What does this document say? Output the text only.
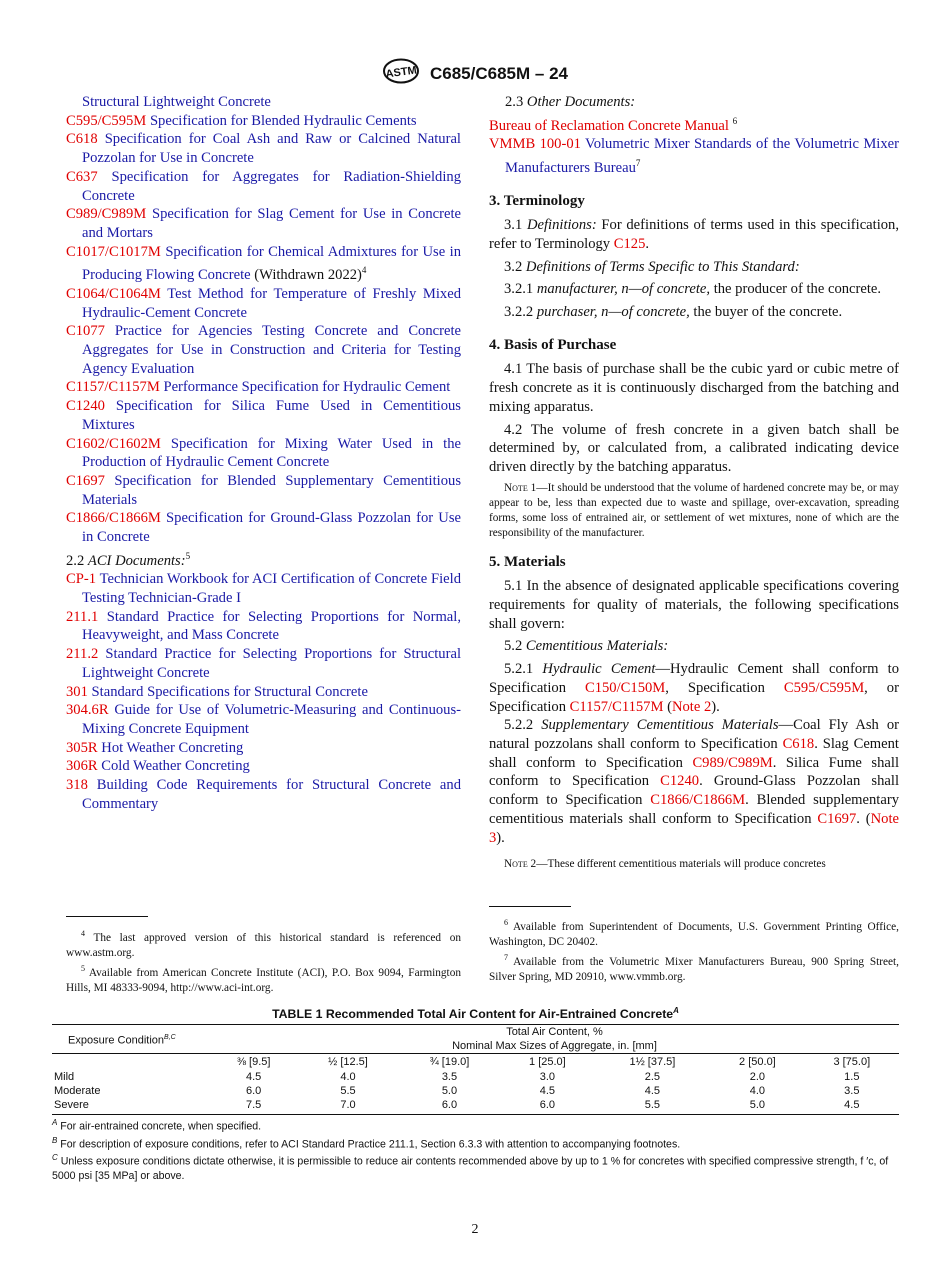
ASTM C685/C685M – 24
Structural Lightweight Concrete
C595/C595M Specification for Blended Hydraulic Cements
C618 Specification for Coal Ash and Raw or Calcined Natural Pozzolan for Use in Concrete
C637 Specification for Aggregates for Radiation-Shielding Concrete
C989/C989M Specification for Slag Cement for Use in Concrete and Mortars
C1017/C1017M Specification for Chemical Admixtures for Use in Producing Flowing Concrete (Withdrawn 2022)$^4$
C1064/C1064M Test Method for Temperature of Freshly Mixed Hydraulic-Cement Concrete
C1077 Practice for Agencies Testing Concrete and Concrete Aggregates for Use in Construction and Criteria for Testing Agency Evaluation
C1157/C1157M Performance Specification for Hydraulic Cement
C1240 Specification for Silica Fume Used in Cementitious Mixtures
C1602/C1602M Specification for Mixing Water Used in the Production of Hydraulic Cement Concrete
C1697 Specification for Blended Supplementary Cementitious Materials
C1866/C1866M Specification for Ground-Glass Pozzolan for Use in Concrete
2.2 ACI Documents:$^5$
CP-1 Technician Workbook for ACI Certification of Concrete Field Testing Technician-Grade I
211.1 Standard Practice for Selecting Proportions for Normal, Heavyweight, and Mass Concrete
211.2 Standard Practice for Selecting Proportions for Structural Lightweight Concrete
301 Standard Specifications for Structural Concrete
304.6R Guide for Use of Volumetric-Measuring and Continuous-Mixing Concrete Equipment
305R Hot Weather Concreting
306R Cold Weather Concreting
318 Building Code Requirements for Structural Concrete and Commentary
2.3 Other Documents:
Bureau of Reclamation Concrete Manual $^6$
VMMB 100-01 Volumetric Mixer Standards of the Volumetric Mixer Manufacturers Bureau$^7$
3. Terminology

3.1 Definitions: For definitions of terms used in this specification, refer to Terminology C125.

3.2 Definitions of Terms Specific to This Standard:

3.2.1 manufacturer, n—of concrete, the producer of the concrete.

3.2.2 purchaser, n—of concrete, the buyer of the concrete.

4. Basis of Purchase

4.1 The basis of purchase shall be the cubic yard or cubic metre of fresh concrete as it is continuously discharged from the batching and mixing apparatus.

4.2 The volume of fresh concrete in a given batch shall be determined by, or calculated from, a calibrated indicating device driven directly by the batching apparatus.

Note 1—It should be understood that the volume of hardened concrete may be, or may appear to be, less than expected due to waste and spillage, over-excavation, spreading forms, some loss of entrained air, or settlement of wet mixtures, none of which are the responsibility of the manufacturer.
5. Materials

5.1 In the absence of designated applicable specifications covering requirements for quality of materials, the following specifications shall govern:

5.2 Cementitious Materials:

5.2.1 Hydraulic Cement—Hydraulic Cement shall conform to Specification C150/C150M, Specification C595/C595M, or Specification C1157/C1157M (Note 2).

5.2.2 Supplementary Cementitious Materials—Coal Fly Ash or natural pozzolans shall conform to Specification C618. Slag Cement shall conform to Specification C989/C989M. Silica Fume shall conform to Specification C1240. Ground-Glass Pozzolan shall conform to Specification C1866/C1866M. Blended supplementary cementitious materials shall conform to Specification C1697. (Note 3).

Note 2—These different cementitious materials will produce concretes

$^4$ The last approved version of this historical standard is referenced on www.astm.org.

$^5$ Available from American Concrete Institute (ACI), P.O. Box 9094, Farmington Hills, MI 48333-9094, http://www.aci-int.org.

$^6$ Available from Superintendent of Documents, U.S. Government Printing Office, Washington, DC 20402.

$^7$ Available from the Volumetric Mixer Manufacturers Bureau, 900 Spring Street, Silver Spring, MD 20910, www.vmmb.org.

TABLE 1 Recommended Total Air Content for Air-Entrained Concrete$^A$
Exposure Condition$^{B,C}$	Total Air Content, %						
	Nominal Max Sizes of Aggregate, in. [mm]						
	⅜ [9.5]	½ [12.5]	¾ [19.0]	1 [25.0]	1½ [37.5]	2 [50.0]	3 [75.0]
Mild	4.5	4.0	3.5	3.0	2.5	2.0	1.5
Moderate	6.0	5.5	5.0	4.5	4.5	4.0	3.5
Severe	7.5	7.0	6.0	6.0	5.5	5.0	4.5
$^A$ For air-entrained concrete, when specified.
$^B$ For description of exposure conditions, refer to ACI Standard Practice 211.1, Section 6.3.3 with attention to accompanying footnotes.
$^C$ Unless exposure conditions dictate otherwise, it is permissible to reduce air contents recommended above by up to 1 % for concretes with specified compressive strength, f ′c, of 5000 psi [35 MPa] or above.
2
